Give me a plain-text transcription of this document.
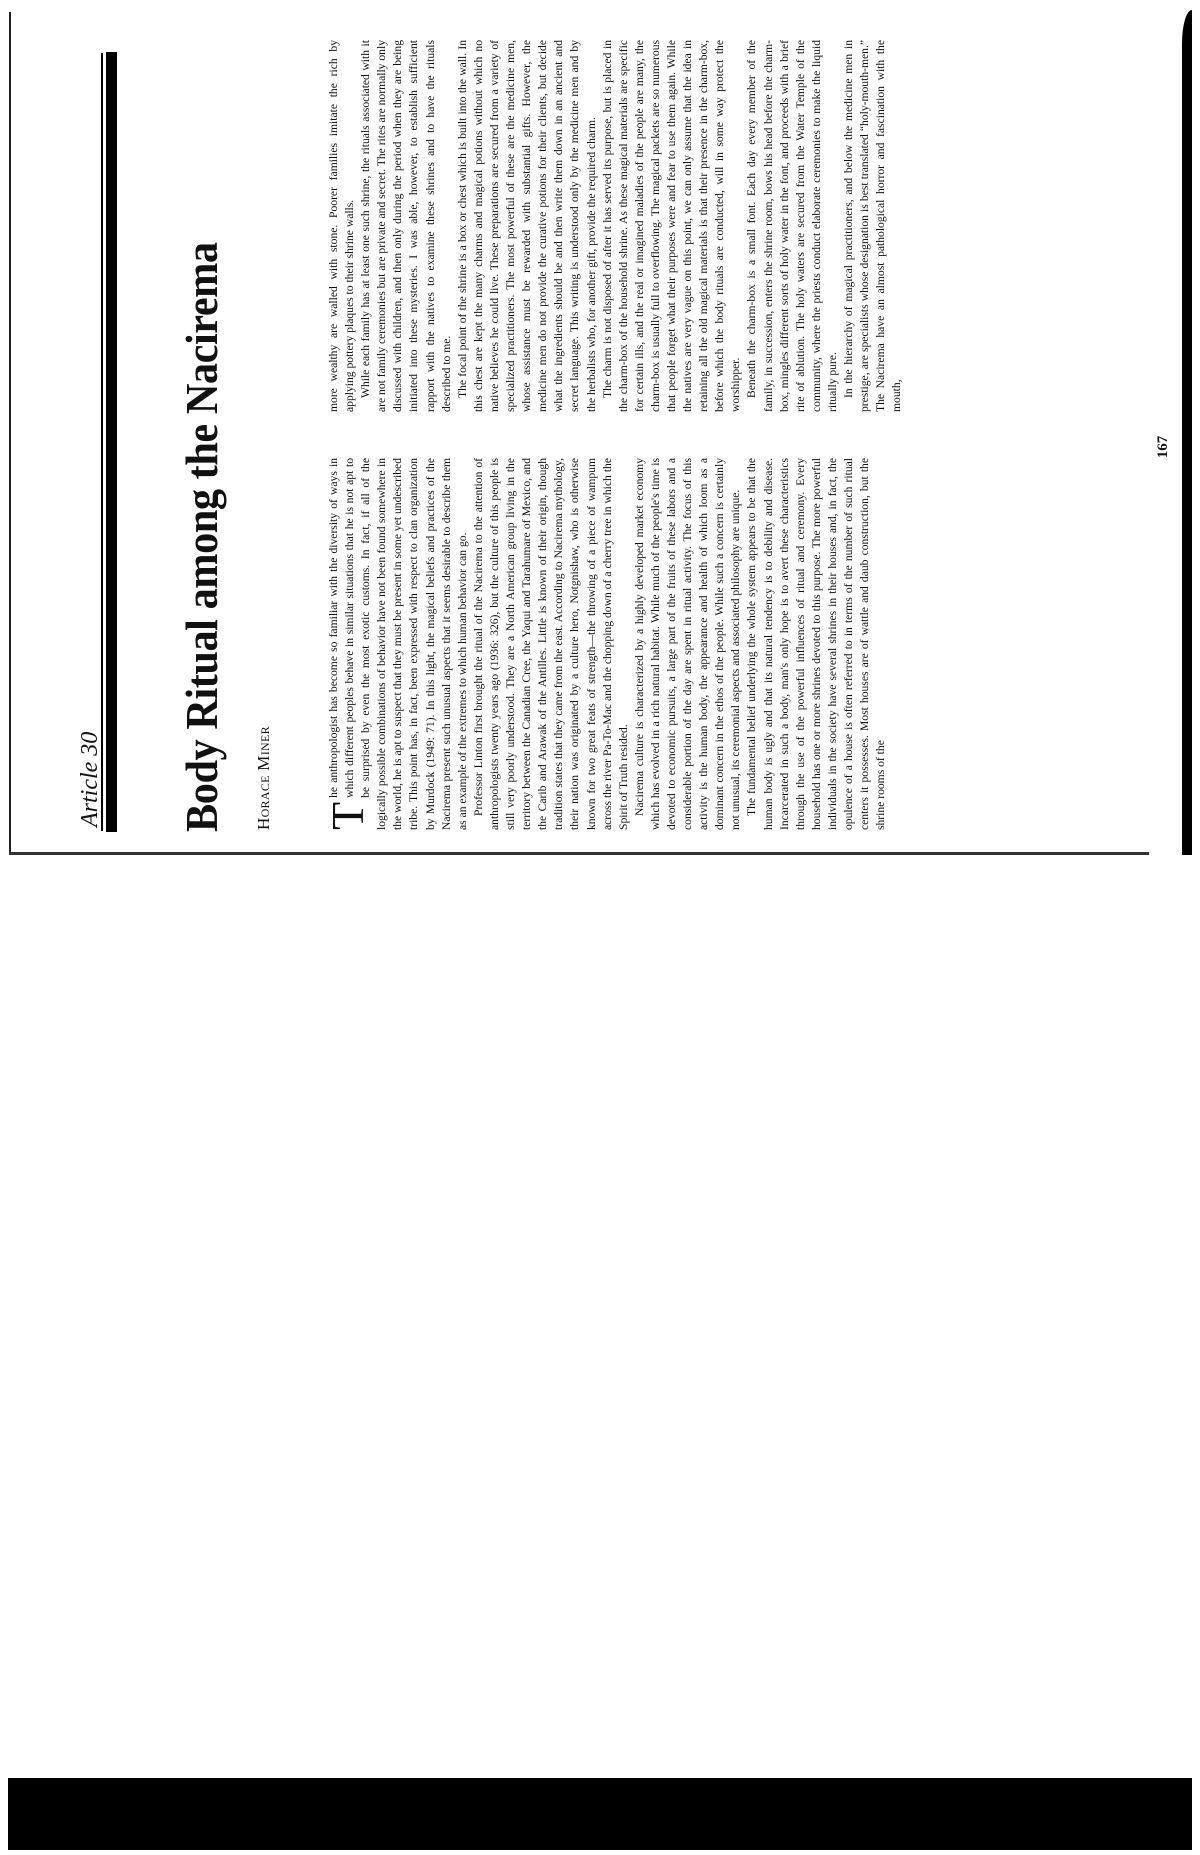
167
Article 30 Body Ritual among the Nacirema Horace Miner T
he anthropologist has become so familiar with the diversity of ways in which different peoples behave in similar situations that he is not apt to be surprised by even the most exotic customs. In fact, if all of the logically possible combinations of behavior have not been found somewhere in the world, he is apt to suspect that they must be present in some yet undescribed tribe. This point has, in fact, been expressed with respect to clan organization by Murdock (1949: 71). In this light, the magical beliefs and practices of the Nacirema present such unusual aspects that it seems desirable to describe them as an example of the extremes to which human behavior can go. Professor Linton first brought the ritual of the Nacirema to the attention of anthropologists twenty years ago (1936: 326), but the culture of this people is still very poorly understood. They are a North American group living in the territory between the Canadian Cree, the Yaqui and Tarahumare of Mexico, and the Carib and Arawak of the Antilles. Little is known of their origin, though tradition states that they came from the east. According to Nacirema mythology, their nation was originated by a culture hero, Notgnishaw, who is otherwise known for two great feats of strength—the throwing of a piece of wampum across the river Pa-To-Mac and the chopping down of a cherry tree in which the Spirit of Truth resided. Nacirema culture is characterized by a highly developed market economy which has evolved in a rich natural habitat. While much of the people's time is devoted to economic pursuits, a large part of the fruits of these labors and a considerable portion of the day are spent in ritual activity. The focus of this activity is the human body, the appearance and health of which loom as a dominant concern in the ethos of the people. While such a concern is certainly not unusual, its ceremonial aspects and associated philosophy are unique. The fundamental belief underlying the whole system appears to be that the human body is ugly and that its natural tendency is to debility and disease. Incarcerated in such a body, man's only hope is to avert these characteristics through the use of the powerful influences of ritual and ceremony. Every household has one or more shrines devoted to this purpose. The more powerful individuals in the society have several shrines in their houses and, in fact, the opulence of a house is often referred to in terms of the number of such ritual centers it possesses. Most houses are of wattle and daub construction, but the shrine rooms of the

more wealthy are walled with stone. Poorer families imitate the rich by applying pottery plaques to their shrine walls. While each family has at least one such shrine, the rituals associated with it are not family ceremonies but are private and secret. The rites are normally only discussed with children, and then only during the period when they are being initiated into these mysteries. I was able, however, to establish sufficient rapport with the natives to examine these shrines and to have the rituals described to me. The focal point of the shrine is a box or chest which is built into the wall. In this chest are kept the many charms and magical potions without which no native believes he could live. These preparations are secured from a variety of specialized practitioners. The most powerful of these are the medicine men, whose assistance must be rewarded with substantial gifts. However, the medicine men do not provide the curative potions for their clients, but decide what the ingredients should be and then write them down in an ancient and secret language. This writing is understood only by the medicine men and by the herbalists who, for another gift, provide the required charm. The charm is not disposed of after it has served its purpose, but is placed in the charm-box of the household shrine. As these magical materials are specific for certain ills, and the real or imagined maladies of the people are many, the charm-box is usually full to overflowing. The magical packets are so numerous that people forget what their purposes were and fear to use them again. While the natives are very vague on this point, we can only assume that the idea in retaining all the old magical materials is that their presence in the charm-box, before which the body rituals are conducted, will in some way protect the worshipper. Beneath the charm-box is a small font. Each day every member of the family, in succession, enters the shrine room, bows his head before the charm-box, mingles different sorts of holy water in the font, and proceeds with a brief rite of ablution. The holy waters are secured from the Water Temple of the community, where the priests conduct elaborate ceremonies to make the liquid ritually pure. In the hierarchy of magical practitioners, and below the medicine men in prestige, are specialists whose designation is best translated “holy-mouth-men.” The Nacirema have an almost pathological horror and fascination with the mouth,
